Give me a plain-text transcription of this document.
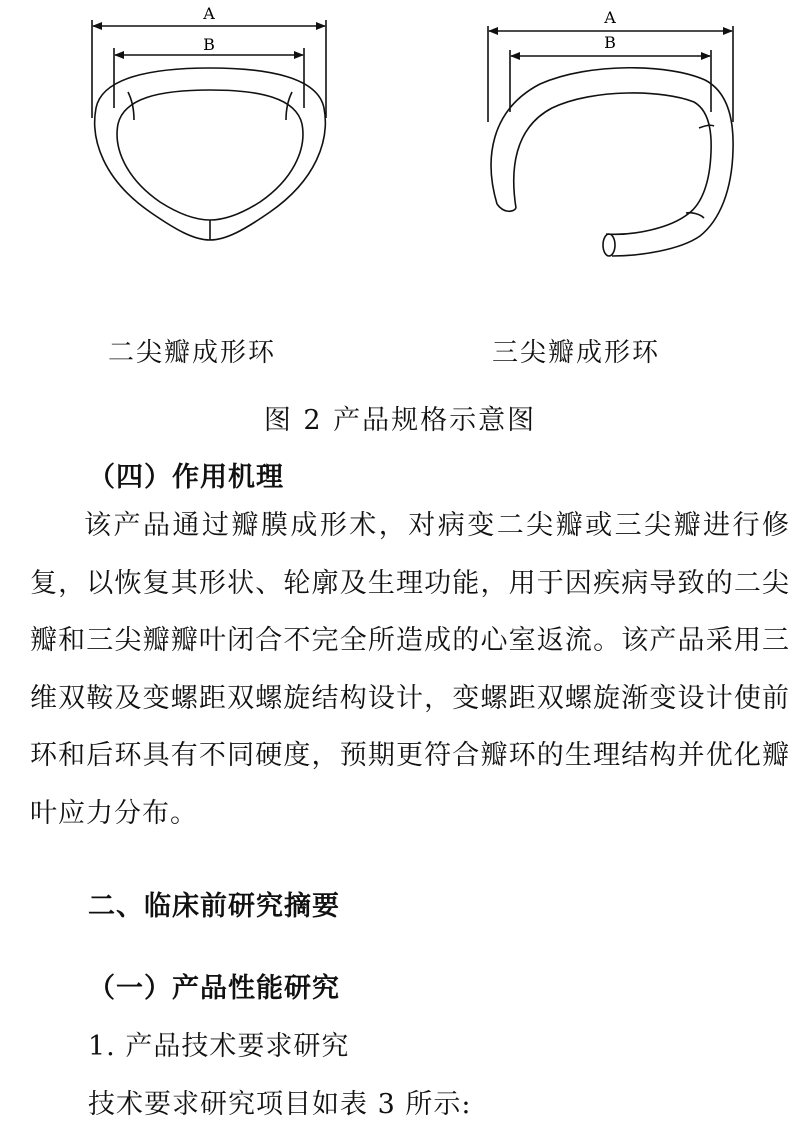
A
B
A
B
二尖瓣成形环	三尖瓣成形环
图 2 产品规格示意图
（四）作用机理
该产品通过瓣膜成形术，对病变二尖瓣或三尖瓣进行修复，以恢复其形状、轮廓及生理功能，用于因疾病导致的二尖瓣和三尖瓣瓣叶闭合不完全所造成的心室返流。该产品采用三维双鞍及变螺距双螺旋结构设计，变螺距双螺旋渐变设计使前环和后环具有不同硬度，预期更符合瓣环的生理结构并优化瓣叶应力分布。
二、临床前研究摘要
（一）产品性能研究
1. 产品技术要求研究
技术要求研究项目如表 3 所示:
